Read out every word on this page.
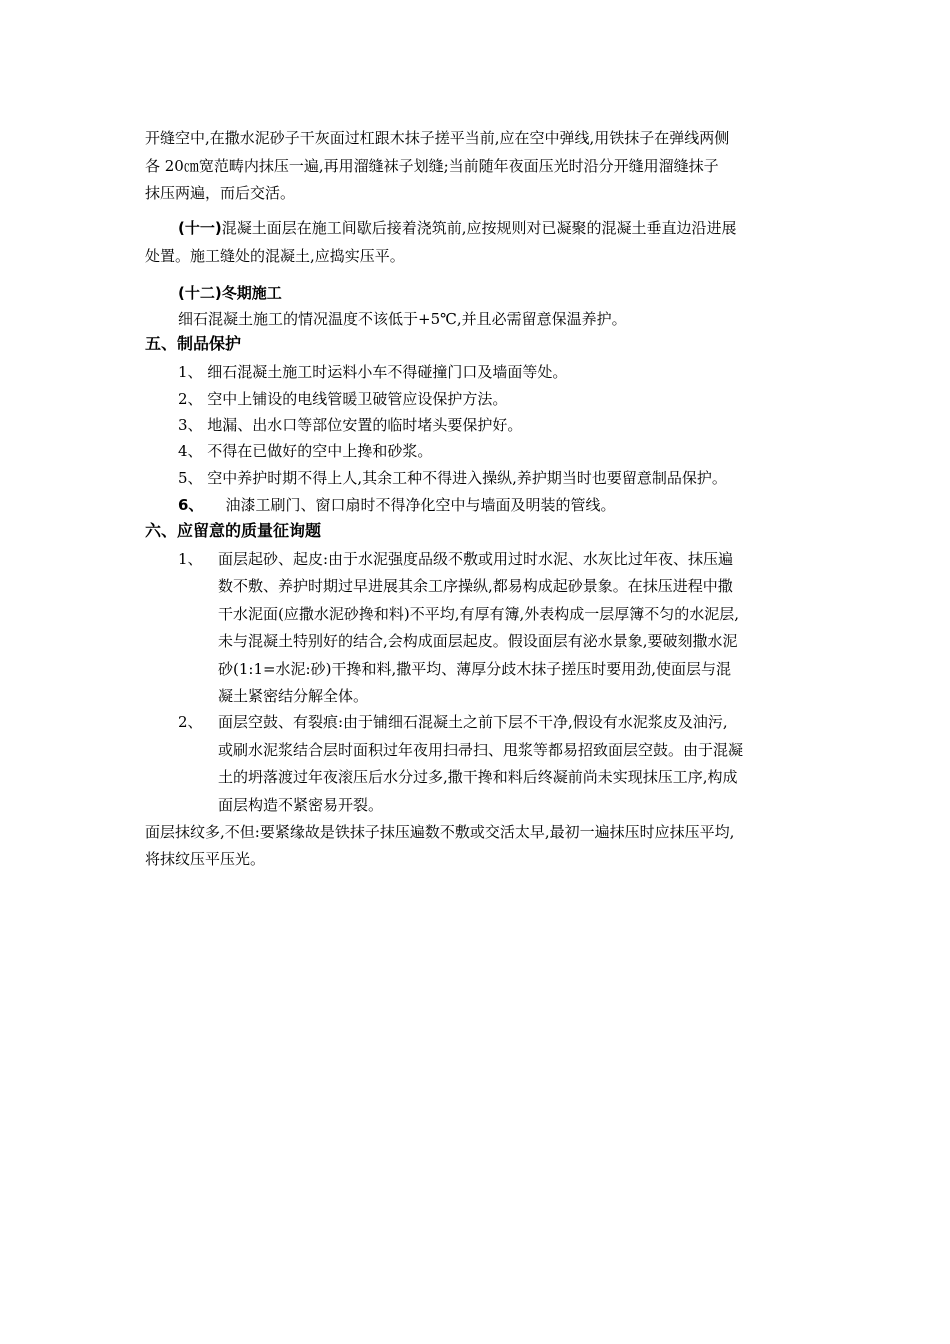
开缝空中,在撒水泥砂子干灰面过杠跟木抹子搓平当前,应在空中弹线,用铁抹子在弹线两侧
各 20㎝宽范畴内抹压一遍,再用溜缝袜子划缝;当前随年夜面压光时沿分开缝用溜缝抹子
抹压两遍，而后交活。
(十一)混凝土面层在施工间歇后接着浇筑前,应按规则对已凝聚的混凝土垂直边沿进展
处置。施工缝处的混凝土,应捣实压平。
(十二)冬期施工
细石混凝土施工的情况温度不该低于+5℃,并且必需留意保温养护。
五、制品保护
1、 细石混凝土施工时运料小车不得碰撞门口及墙面等处。
2、 空中上铺设的电线管暖卫破管应设保护方法。
3、 地漏、出水口等部位安置的临时堵头要保护好。
4、 不得在已做好的空中上搀和砂浆。
5、 空中养护时期不得上人,其余工种不得进入操纵,养护期当时也要留意制品保护。
6、 油漆工刷门、窗口扇时不得净化空中与墙面及明装的管线。
六、应留意的质量征询题
1、 面层起砂、起皮:由于水泥强度品级不敷或用过时水泥、水灰比过年夜、抹压遍
数不敷、养护时期过早进展其余工序操纵,都易构成起砂景象。在抹压进程中撒
干水泥面(应撒水泥砂搀和料)不平均,有厚有簿,外表构成一层厚簿不匀的水泥层,
未与混凝土特别好的结合,会构成面层起皮。假设面层有泌水景象,要破刻撒水泥
砂(1:1=水泥:砂)干搀和料,撒平均、薄厚分歧木抹子搓压时要用劲,使面层与混
凝土紧密结分解全体。
2、 面层空鼓、有裂痕:由于铺细石混凝土之前下层不干净,假设有水泥浆皮及油污,
或刷水泥浆结合层时面积过年夜用扫帚扫、甩浆等都易招致面层空鼓。由于混凝
土的坍落渡过年夜滚压后水分过多,撒干搀和料后终凝前尚未实现抹压工序,构成
面层构造不紧密易开裂。
面层抹纹多,不但:要紧缘故是铁抹子抹压遍数不敷或交活太早,最初一遍抹压时应抹压平均,
将抹纹压平压光。
